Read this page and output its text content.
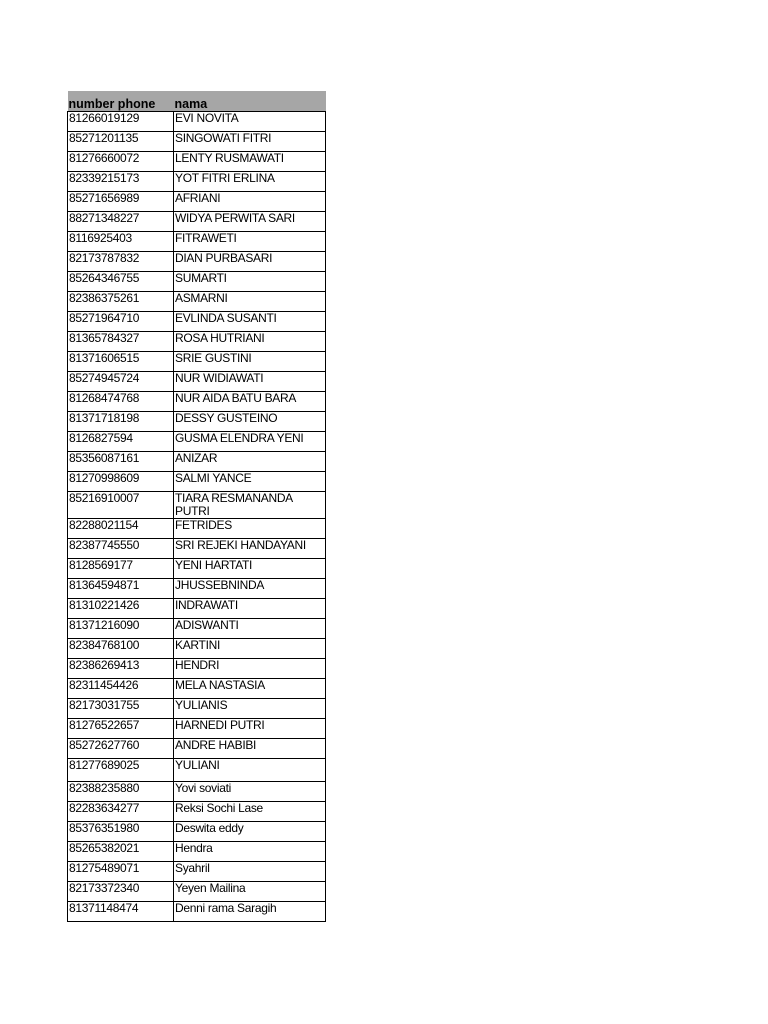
number phone	nama
81266019129	EVI NOVITA
85271201135	SINGOWATI FITRI
81276660072	LENTY RUSMAWATI
82339215173	YOT FITRI ERLINA
85271656989	AFRIANI
88271348227	WIDYA PERWITA SARI
8116925403	FITRAWETI
82173787832	DIAN PURBASARI
85264346755	SUMARTI
82386375261	ASMARNI
85271964710	EVLINDA SUSANTI
81365784327	ROSA HUTRIANI
81371606515	SRIE GUSTINI
85274945724	NUR WIDIAWATI
81268474768	NUR AIDA BATU BARA
81371718198	DESSY GUSTEINO
8126827594	GUSMA ELENDRA YENI
85356087161	ANIZAR
81270998609	SALMI YANCE
85216910007	TIARA RESMANANDA PUTRI

82288021154	FETRIDES
82387745550	SRI REJEKI HANDAYANI
8128569177	YENI HARTATI
81364594871	JHUSSEBNINDA
81310221426	INDRAWATI
81371216090	ADISWANTI
82384768100	KARTINI
82386269413	HENDRI
82311454426	MELA NASTASIA
82173031755	YULIANIS
81276522657	HARNEDI PUTRI
85272627760	ANDRE HABIBI
81277689025	YULIANI
82388235880	Yovi soviati
82283634277	Reksi Sochi Lase
85376351980	Deswita eddy
85265382021	Hendra
81275489071	Syahril
82173372340	Yeyen Mailina
81371148474	Denni rama Saragih
